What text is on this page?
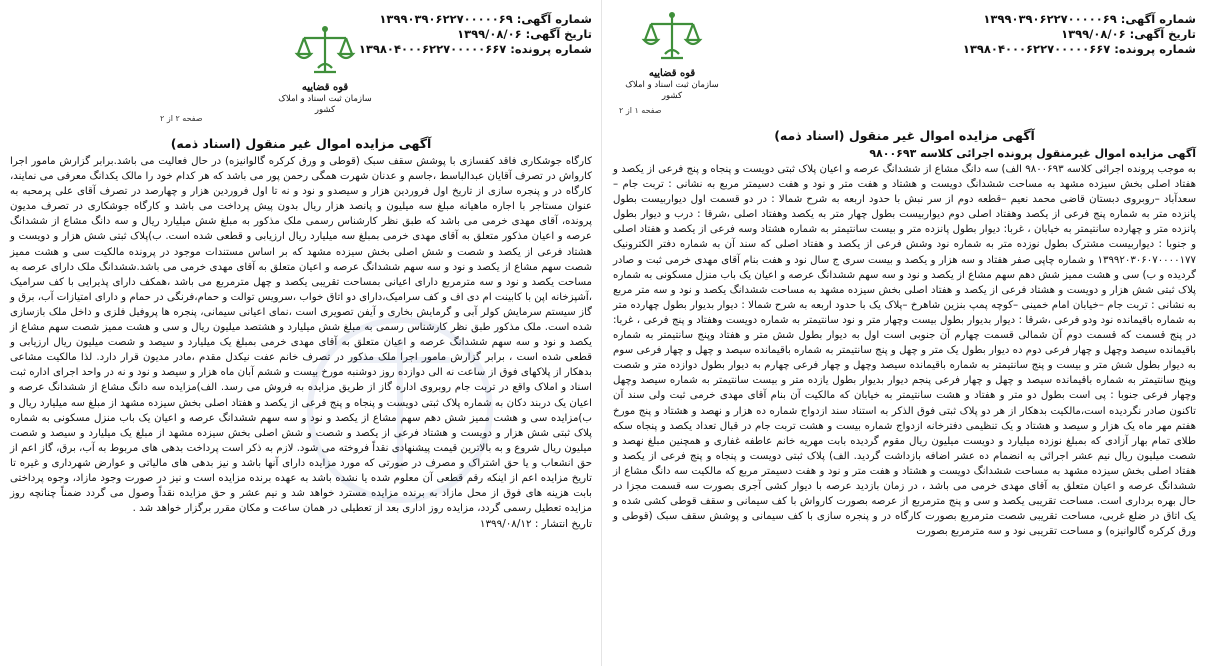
شماره آگهی: ۱۳۹۹۰۳۹۰۶۲۲۷۰۰۰۰۰۶۹
تاریخ آگهی: ۱۳۹۹/۰۸/۰۶
شماره پرونده: ۱۳۹۸۰۴۰۰۰۶۲۲۷۰۰۰۰۰۶۶۷
قوه قضاییه
سازمان ثبت اسناد و املاک کشور
صفحه ۱ از ۲
آگهی مزایده اموال غیر منقول (اسناد ذمه)
آگهی مزایده اموال غیرمنقول پرونده اجرائی کلاسه ۹۸۰۰۶۹۳

به موجب پرونده اجرائی کلاسه ۹۸۰۰۶۹۳ الف) سه دانگ مشاع از ششدانگ عرصه و اعیان پلاک ثبتی دویست و پنجاه و پنج فرعی از یکصد و هفتاد اصلی بخش سیزده مشهد به مساحت ششدانگ دویست و هشتاد و هفت متر و نود و هفت دسیمتر مربع به نشانی : تربت جام –سعدآباد –روبروی دبستان قاضی محمد نعیم –قطعه دوم از سر نبش با حدود اربعه به شرح شمالا : در دو قسمت اول دیواربیست بطول پانزده متر به شماره پنج فرعی از یکصد وهفتاد اصلی دوم دیواربیست بطول چهار متر به یکصد وهفتاد اصلی ،شرقا : درب و دیوار بطول پانزده متر و چهارده سانتیمتر به خیابان ، غربا: دیوار بطول پانزده متر و بیست سانتیمتر به شماره هشتاد وسه فرعی از یکصد و هفتاد اصلی و جنوبا : دیواربیست مشترک بطول نوزده متر به شماره نود وشش فرعی از یکصد و هفتاد اصلی که سند آن به شماره دفتر الکترونیک ۱۳۹۹۲۰۳۰۶۰۷۰۰۰۰۱۷۷ و شماره چاپی صفر هفتاد و سه هزار و یکصد و بیست سری ج سال نود و هفت بنام آقای مهدی خرمی ثبت و صادر گردیده و ب) سی و هشت ممیز شش دهم سهم مشاع از یکصد و نود و سه سهم ششدانگ عرصه و اعیان یک باب منزل مسکونی به شماره پلاک ثبتی شش هزار و دویست و هشتاد فرعی از یکصد و هفتاد اصلی بخش سیزده مشهد به مساحت ششدانگ یکصد و نود و سه متر مربع به نشانی : تربت جام –خیابان امام خمینی –کوچه پمپ بنزین شاهرخ –پلاک یک با حدود اربعه به شرح شمالا : دیوار بدیوار بطول چهارده متر به شماره باقیمانده نود ودو فرعی ،شرقا : دیوار بدیوار بطول بیست وچهار متر و نود سانتیمتر به شماره دویست وهفتاد و پنج فرعی ، غربا: در پنج قسمت که قسمت دوم آن شمالی قسمت چهارم آن جنوبی است اول به دیوار بطول شش متر و هفتاد وپنج سانتیمتر به شماره باقیمانده سیصد وچهل و چهار فرعی دوم ده دیوار بطول یک متر و چهل و پنج سانتیمتر به شماره باقیمانده سیصد و چهل و چهار فرعی سوم به دیوار بطول شش متر و بیست و پنج سانتیمتر به شماره باقیمانده سیصد وچهل و چهار فرعی چهارم به دیوار بطول دوازده متر و شصت وپنج سانتیمتر به شماره باقیمانده سیصد و چهل و چهار فرعی پنجم دیوار بدیوار بطول یازده متر و بیست سانتیمتر به شماره سیصد وچهل وچهار فرعی جنوبا : پی است بطول دو متر و هفتاد و هشت سانتیمتر به خیابان که مالکیت آن بنام آقای مهدی خرمی ثبت ولی سند آن تاکنون صادر نگردیده است،مالکیت بدهکار از هر دو پلاک ثبتی فوق الذکر به استناد سند ازدواج شماره ده هزار و نهصد و هشتاد و پنج مورخ هفتم مهر ماه یک هزار و سیصد و هشتاد و یک تنظیمی دفترخانه ازدواج شماره بیست و هشت تربت جام در قبال تعداد یکصد و پنجاه سکه طلای تمام بهار آزادی که بمبلغ نوزده میلیارد و دویست میلیون ریال مقوم گردیده بابت مهریه خانم عاطفه غفاری و همچنین مبلغ نهصد و شصت میلیون ریال نیم عشر اجرائی به انضمام ده عشر اضافه بازداشت گردید. الف) پلاک ثبتی دویست و پنجاه و پنج فرعی از یکصد و هفتاد اصلی بخش سیزده مشهد به مساحت ششدانگ دویست و هشتاد و هفت متر و نود و هفت دسیمتر مربع که مالکیت سه دانگ مشاع از ششدانگ عرصه و اعیان متعلق به آقای مهدی خرمی می باشد ، در زمان بازدید عرصه با دیوار کشی آجری بصورت سه قسمت مجزا در حال بهره برداری است. مساحت تقریبی یکصد و سی و پنج مترمربع از عرصه بصورت کارواش با کف سیمانی و سقف قوطی کشی شده و یک اتاق در ضلع غربی، مساحت تقریبی شصت مترمربع بصورت کارگاه در و پنجره سازی با کف سیمانی و پوشش سقف سبک (قوطی و ورق کرکره گالوانیزه) و مساحت تقریبی نود و سه مترمربع بصورت

شماره آگهی: ۱۳۹۹۰۳۹۰۶۲۲۷۰۰۰۰۰۶۹
تاریخ آگهی: ۱۳۹۹/۰۸/۰۶
شماره پرونده: ۱۳۹۸۰۴۰۰۰۶۲۲۷۰۰۰۰۰۶۶۷
قوه قضاییه
سازمان ثبت اسناد و املاک کشور
صفحه ۲ از ۲
آگهی مزایده اموال غیر منقول (اسناد ذمه)

کارگاه جوشکاری فاقد کفسازی با پوشش سقف سبک (قوطی و ورق کرکره گالوانیزه) در حال فعالیت می باشد.برابر گزارش مامور اجرا کارواش در تصرف آقایان عبدالباسط ،جاسم و عدنان شهرت همگی رحمن پور می باشد که هر کدام خود را مالک یکدانگ معرفی می نمایند، کارگاه در و پنجره سازی از تاریخ اول فروردین هزار و سیصدو و نود و نه تا اول فروردین هزار و چهارصد در تصرف آقای علی پرمحبه به عنوان مستاجر با اجاره ماهیانه مبلغ سه میلیون و پانصد هزار ریال بدون پیش پرداخت می باشد و کارگاه جوشکاری در تصرف مدیون پرونده، آقای مهدی خرمی می باشد که طبق نظر کارشناس رسمی ملک مذکور به مبلغ شش میلیارد ریال و سه دانگ مشاع از ششدانگ عرصه و اعیان مذکور متعلق به آقای مهدی خرمی بمبلغ سه میلیارد ریال ارزیابی و قطعی شده است. ب)پلاک ثبتی شش هزار و دویست و هشتاد فرعی از یکصد و شصت و شش اصلی بخش سیزده مشهد که بر اساس مستندات موجود در پرونده مالکیت سی و هشت ممیز شصت سهم مشاع از یکصد و نود و سه سهم ششدانگ عرصه و اعیان متعلق به آقای مهدی خرمی می باشد.ششدانگ ملک دارای عرصه به مساحت یکصد و نود و سه مترمربع دارای اعیانی بمساحت تقریبی یکصد و چهل مترمربع می باشد ،همکف دارای پذیرایی با کف سرامیک ،آشپزخانه اپن با کابینت ام دی اف و کف سرامیک،دارای دو اتاق خواب ،سرویس توالت و حمام،فرنگی در حمام و دارای امتیازات آب، برق و گاز سیستم سرمایش کولر آبی و گرمایش بخاری و آیفن تصویری است ،نمای اعیانی سیمانی، پنجره ها پروفیل فلزی و داخل ملک بازسازی شده است. ملک مذکور طبق نظر کارشناس رسمی به مبلغ شش میلیارد و هشتصد میلیون ریال و سی و هشت ممیز شصت سهم مشاع از یکصد و نود و سه سهم ششدانگ عرصه و اعیان متعلق به آقای مهدی خرمی بمبلغ یک میلیارد و سیصد و شصت میلیون ریال ارزیابی و قطعی شده است ، برابر گزارش مامور اجرا ملک مذکور در تصرف خانم عفت نیکدل مقدم ،مادر مدیون قرار دارد. لذا مالکیت مشاعی بدهکار از پلاکهای فوق از ساعت نه الی دوازده روز دوشنبه مورخ بیست و ششم آبان ماه هزار و سیصد و نود و نه در واحد اجرای اداره ثبت اسناد و املاک واقع در تربت جام روبروی اداره گاز از طریق مزایده به فروش می رسد. الف)مزایده سه دانگ مشاع از ششدانگ عرصه و اعیان یک دربند دکان به شماره پلاک ثبتی دویست و پنجاه و پنج فرعی از یکصد و هفتاد اصلی بخش سیزده مشهد از مبلغ سه میلیارد ریال و ب)مزایده سی و هشت ممیز شش دهم سهم مشاع از یکصد و نود و سه سهم ششدانگ عرصه و اعیان یک باب منزل مسکونی به شماره پلاک ثبتی شش هزار و دویست و هشتاد فرعی از یکصد و شصت و شش اصلی بخش سیزده مشهد از مبلغ یک میلیارد و سیصد و شصت میلیون ریال شروع و به بالاترین قیمت پیشنهادی نقداً فروخته می شود. لازم به ذکر است پرداخت بدهی های مربوط به آب، برق، گاز اعم از حق انشعاب و یا حق اشتراک و مصرف در صورتی که مورد مزایده دارای آنها باشد و نیز بدهی های مالیاتی و عوارض شهرداری و غیره تا تاریخ مزایده اعم از اینکه رقم قطعی آن معلوم شده یا نشده باشد به عهده برنده مزایده است و نیز در صورت وجود مازاد، وجوه پرداختی بابت هزینه های فوق از محل مازاد به برنده مزایده مسترد خواهد شد و نیم عشر و حق مزایده نقداً وصول می گردد ضمناً چنانچه روز مزایده تعطیل رسمی گردد، مزایده روز اداری بعد از تعطیلی در همان ساعت و مکان مقرر برگزار خواهد شد .

تاریخ انتشار : ۱۳۹۹/۰۸/۱۲
